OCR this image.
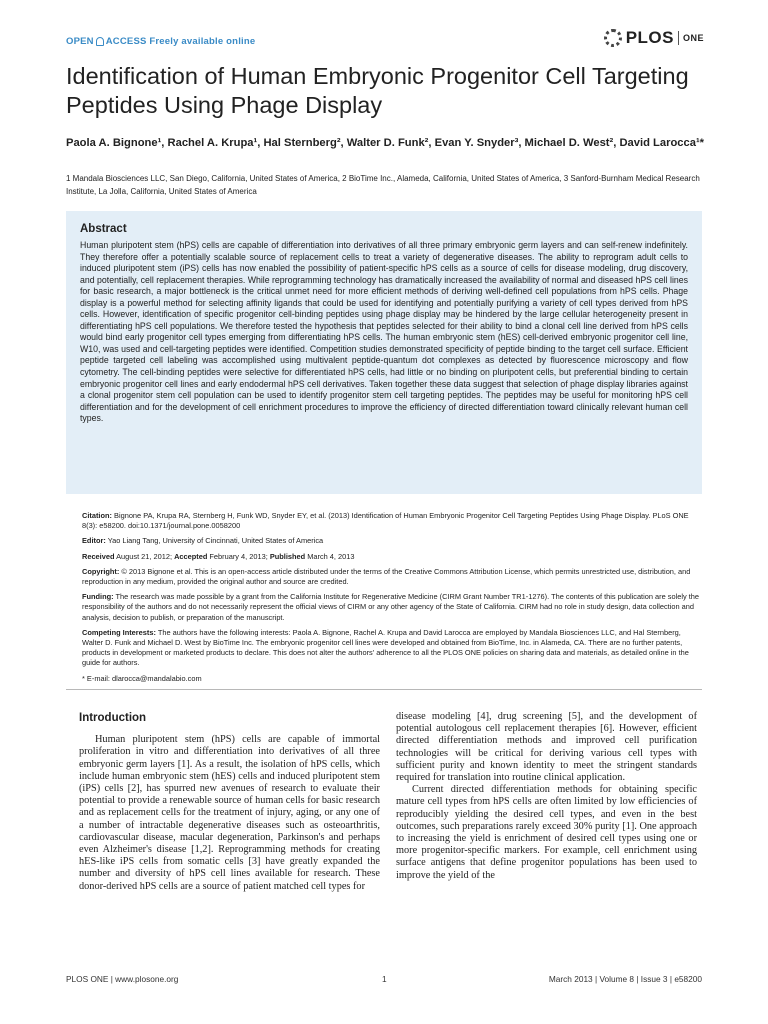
OPEN ACCESS Freely available online	PLOS ONE
Identification of Human Embryonic Progenitor Cell Targeting Peptides Using Phage Display
Paola A. Bignone¹, Rachel A. Krupa¹, Hal Sternberg², Walter D. Funk², Evan Y. Snyder³, Michael D. West², David Larocca¹*
1 Mandala Biosciences LLC, San Diego, California, United States of America, 2 BioTime Inc., Alameda, California, United States of America, 3 Sanford-Burnham Medical Research Institute, La Jolla, California, United States of America
Abstract

Human pluripotent stem (hPS) cells are capable of differentiation into derivatives of all three primary embryonic germ layers and can self-renew indefinitely. They therefore offer a potentially scalable source of replacement cells to treat a variety of degenerative diseases. The ability to reprogram adult cells to induced pluripotent stem (iPS) cells has now enabled the possibility of patient-specific hPS cells as a source of cells for disease modeling, drug discovery, and potentially, cell replacement therapies. While reprogramming technology has dramatically increased the availability of normal and diseased hPS cell lines for basic research, a major bottleneck is the critical unmet need for more efficient methods of deriving well-defined cell populations from hPS cells. Phage display is a powerful method for selecting affinity ligands that could be used for identifying and potentially purifying a variety of cell types derived from hPS cells. However, identification of specific progenitor cell-binding peptides using phage display may be hindered by the large cellular heterogeneity present in differentiating hPS cell populations. We therefore tested the hypothesis that peptides selected for their ability to bind a clonal cell line derived from hPS cells would bind early progenitor cell types emerging from differentiating hPS cells. The human embryonic stem (hES) cell-derived embryonic progenitor cell line, W10, was used and cell-targeting peptides were identified. Competition studies demonstrated specificity of peptide binding to the target cell surface. Efficient peptide targeted cell labeling was accomplished using multivalent peptide-quantum dot complexes as detected by fluorescence microscopy and flow cytometry. The cell-binding peptides were selective for differentiated hPS cells, had little or no binding on pluripotent cells, but preferential binding to certain embryonic progenitor cell lines and early endodermal hPS cell derivatives. Taken together these data suggest that selection of phage display libraries against a clonal progenitor stem cell population can be used to identify progenitor stem cell targeting peptides. The peptides may be useful for monitoring hPS cell differentiation and for the development of cell enrichment procedures to improve the efficiency of directed differentiation toward clinically relevant human cell types.

Citation: Bignone PA, Krupa RA, Sternberg H, Funk WD, Snyder EY, et al. (2013) Identification of Human Embryonic Progenitor Cell Targeting Peptides Using Phage Display. PLoS ONE 8(3): e58200. doi:10.1371/journal.pone.0058200
Editor: Yao Liang Tang, University of Cincinnati, United States of America
Received August 21, 2012; Accepted February 4, 2013; Published March 4, 2013
Copyright: © 2013 Bignone et al. This is an open-access article distributed under the terms of the Creative Commons Attribution License, which permits unrestricted use, distribution, and reproduction in any medium, provided the original author and source are credited.
Funding: The research was made possible by a grant from the California Institute for Regenerative Medicine (CIRM Grant Number TR1-1276). The contents of this publication are solely the responsibility of the authors and do not necessarily represent the official views of CIRM or any other agency of the State of California. CIRM had no role in study design, data collection and analysis, decision to publish, or preparation of the manuscript.
Competing Interests: The authors have the following interests: Paola A. Bignone, Rachel A. Krupa and David Larocca are employed by Mandala Biosciences LLC, and Hal Sternberg, Walter D. Funk and Michael D. West by BioTime Inc. The embryonic progenitor cell lines were developed and obtained from BioTime, Inc. in Alameda, CA. There are no further patents, products in development or marketed products to declare. This does not alter the authors' adherence to all the PLOS ONE policies on sharing data and materials, as detailed online in the guide for authors.
* E-mail: dlarocca@mandalabio.com
Introduction

Human pluripotent stem (hPS) cells are capable of immortal proliferation in vitro and differentiation into derivatives of all three embryonic germ layers [1]. As a result, the isolation of hPS cells, which include human embryonic stem (hES) cells and induced pluripotent stem (iPS) cells [2], has spurred new avenues of research to evaluate their potential to provide a renewable source of human cells for basic research and as replacement cells for the treatment of injury, aging, or any one of a number of intractable degenerative diseases such as osteoarthritis, cardiovascular disease, macular degeneration, Parkinson's and perhaps even Alzheimer's disease [1,2]. Reprogramming methods for creating hES-like iPS cells from somatic cells [3] have greatly expanded the number and diversity of hPS cell lines available for research. These donor-derived hPS cells are a source of patient matched cell types for

disease modeling [4], drug screening [5], and the development of potential autologous cell replacement therapies [6]. However, efficient directed differentiation methods and improved cell purification technologies will be critical for deriving various cell types with sufficient purity and known identity to meet the stringent standards required for translation into routine clinical application.

Current directed differentiation methods for obtaining specific mature cell types from hPS cells are often limited by low efficiencies of reproducibly yielding the desired cell types, and even in the best outcomes, such preparations rarely exceed 30% purity [1]. One approach to increasing the yield is enrichment of desired cell types using one or more progenitor-specific markers. For example, cell enrichment using surface antigens that define progenitor populations has been used to improve the yield of the

PLOS ONE | www.plosone.org	1	March 2013 | Volume 8 | Issue 3 | e58200
